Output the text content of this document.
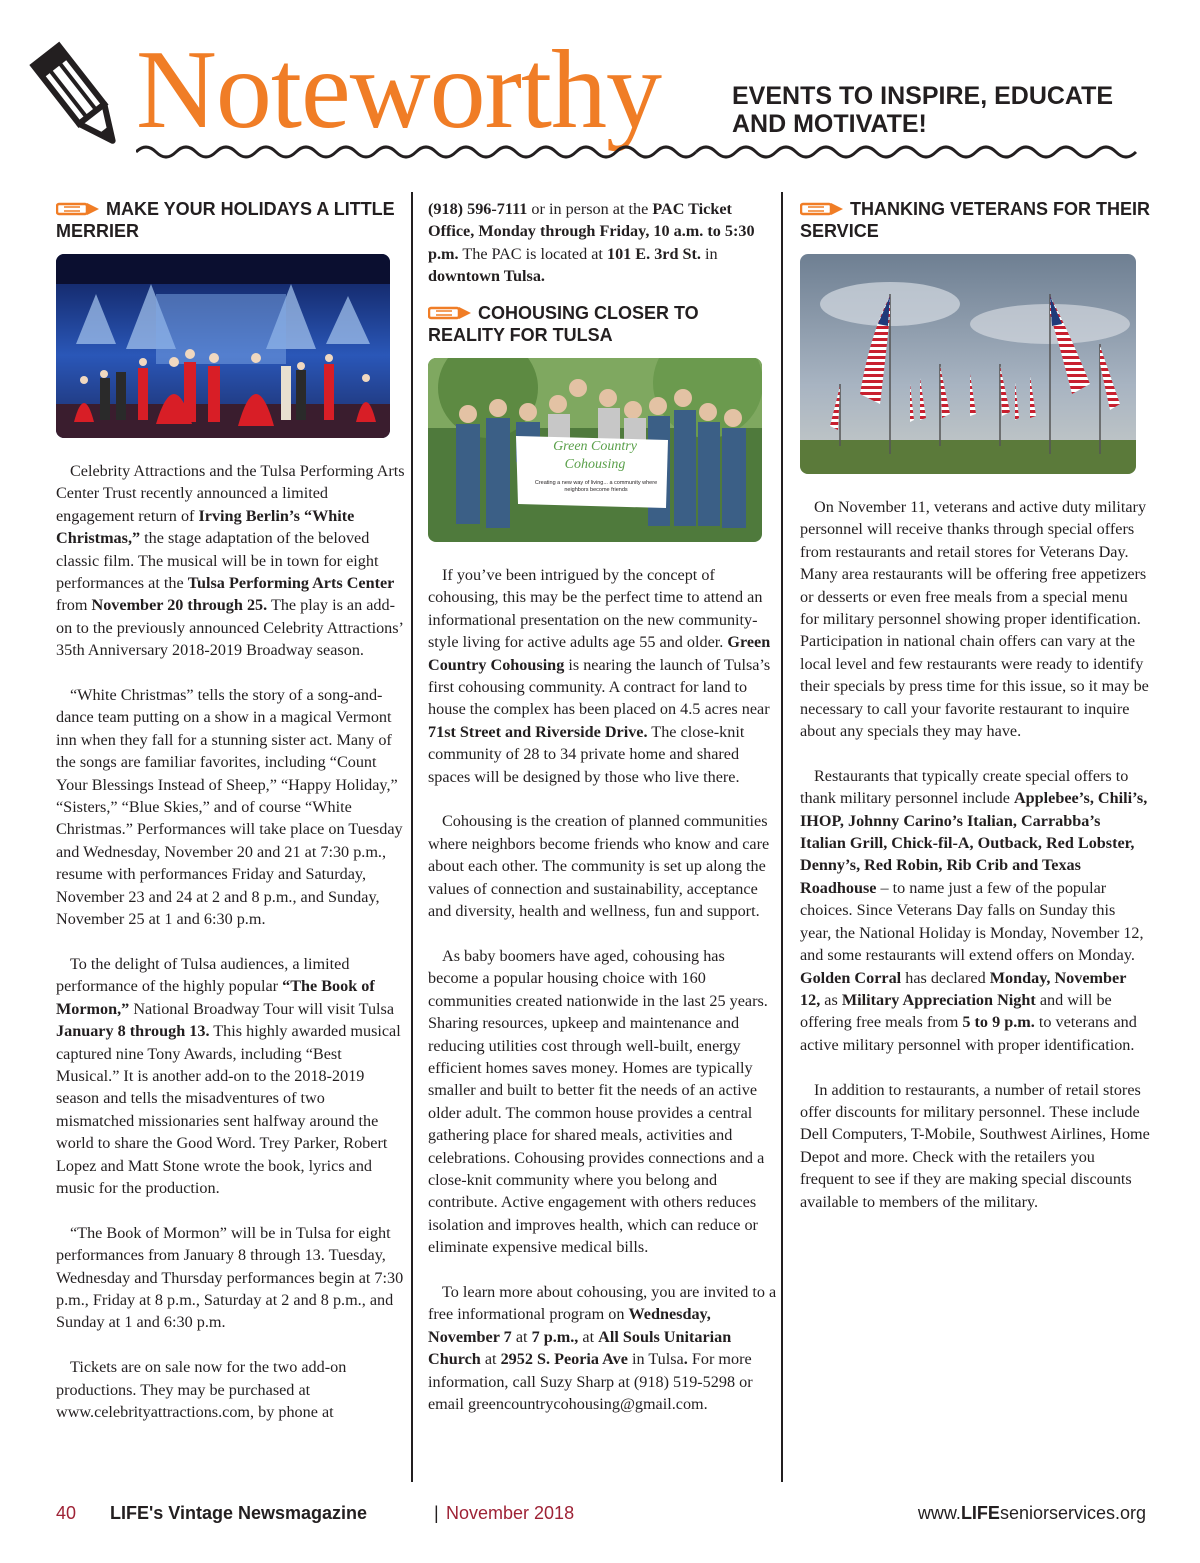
Noteworthy	EVENTS TO INSPIRE, EDUCATE AND MOTIVATE!
MAKE YOUR HOLIDAYS A LITTLE MERRIER

Celebrity Attractions and the Tulsa Performing Arts Center Trust recently announced a limited engagement return of Irving Berlin’s “White Christmas,” the stage adaptation of the beloved classic film. The musical will be in town for eight performances at the Tulsa Performing Arts Center from November 20 through 25. The play is an add-on to the previously announced Celebrity Attractions’ 35th Anniversary 2018-2019 Broadway season.

“White Christmas” tells the story of a song-and-dance team putting on a show in a magical Vermont inn when they fall for a stunning sister act. Many of the songs are familiar favorites, including “Count Your Blessings Instead of Sheep,” “Happy Holiday,” “Sisters,” “Blue Skies,” and of course “White Christmas.” Performances will take place on Tuesday and Wednesday, November 20 and 21 at 7:30 p.m., resume with performances Friday and Saturday, November 23 and 24 at 2 and 8 p.m., and Sunday, November 25 at 1 and 6:30 p.m.

To the delight of Tulsa audiences, a limited performance of the highly popular “The Book of Mormon,” National Broadway Tour will visit Tulsa January 8 through 13. This highly awarded musical captured nine Tony Awards, including “Best Musical.” It is another add-on to the 2018-2019 season and tells the misadventures of two mismatched missionaries sent halfway around the world to share the Good Word. Trey Parker, Robert Lopez and Matt Stone wrote the book, lyrics and music for the production.

“The Book of Mormon” will be in Tulsa for eight performances from January 8 through 13. Tuesday, Wednesday and Thursday performances begin at 7:30 p.m., Friday at 8 p.m., Saturday at 2 and 8 p.m., and Sunday at 1 and 6:30 p.m.

Tickets are on sale now for the two add-on productions. They may be purchased at www.celebrityattractions.com, by phone at

(918) 596-7111 or in person at the PAC Ticket Office, Monday through Friday, 10 a.m. to 5:30 p.m. The PAC is located at 101 E. 3rd St. in downtown Tulsa.

COHOUSING CLOSER TO REALITY FOR TULSA
Green Country Cohousing
Creating a new way of living... a community where neighbors become friends

If you’ve been intrigued by the concept of cohousing, this may be the perfect time to attend an informational presentation on the new community-style living for active adults age 55 and older. Green Country Cohousing is nearing the launch of Tulsa’s first cohousing community. A contract for land to house the complex has been placed on 4.5 acres near 71st Street and Riverside Drive. The close-knit community of 28 to 34 private home and shared spaces will be designed by those who live there.

Cohousing is the creation of planned communities where neighbors become friends who know and care about each other. The community is set up along the values of connection and sustainability, acceptance and diversity, health and wellness, fun and support.

As baby boomers have aged, cohousing has become a popular housing choice with 160 communities created nationwide in the last 25 years. Sharing resources, upkeep and maintenance and reducing utilities cost through well-built, energy efficient homes saves money. Homes are typically smaller and built to better fit the needs of an active older adult. The common house provides a central gathering place for shared meals, activities and celebrations. Cohousing provides connections and a close-knit community where you belong and contribute. Active engagement with others reduces isolation and improves health, which can reduce or eliminate expensive medical bills.

To learn more about cohousing, you are invited to a free informational program on Wednesday, November 7 at 7 p.m., at All Souls Unitarian Church at 2952 S. Peoria Ave in Tulsa. For more information, call Suzy Sharp at (918) 519-5298 or email greencountrycohousing@gmail.com.

THANKING VETERANS FOR THEIR SERVICE

On November 11, veterans and active duty military personnel will receive thanks through special offers from restaurants and retail stores for Veterans Day. Many area restaurants will be offering free appetizers or desserts or even free meals from a special menu for military personnel showing proper identification. Participation in national chain offers can vary at the local level and few restaurants were ready to identify their specials by press time for this issue, so it may be necessary to call your favorite restaurant to inquire about any specials they may have.

Restaurants that typically create special offers to thank military personnel include Applebee’s, Chili’s, IHOP, Johnny Carino’s Italian, Carrabba’s Italian Grill, Chick-fil-A, Outback, Red Lobster, Denny’s, Red Robin, Rib Crib and Texas Roadhouse – to name just a few of the popular choices. Since Veterans Day falls on Sunday this year, the National Holiday is Monday, November 12, and some restaurants will extend offers on Monday. Golden Corral has declared Monday, November 12, as Military Appreciation Night and will be offering free meals from 5 to 9 p.m. to veterans and active military personnel with proper identification.

In addition to restaurants, a number of retail stores offer discounts for military personnel. These include Dell Computers, T-Mobile, Southwest Airlines, Home Depot and more. Check with the retailers you frequent to see if they are making special discounts available to members of the military.

40 LIFE's Vintage Newsmagazine	| November 2018	www.LIFEseniorservices.org
